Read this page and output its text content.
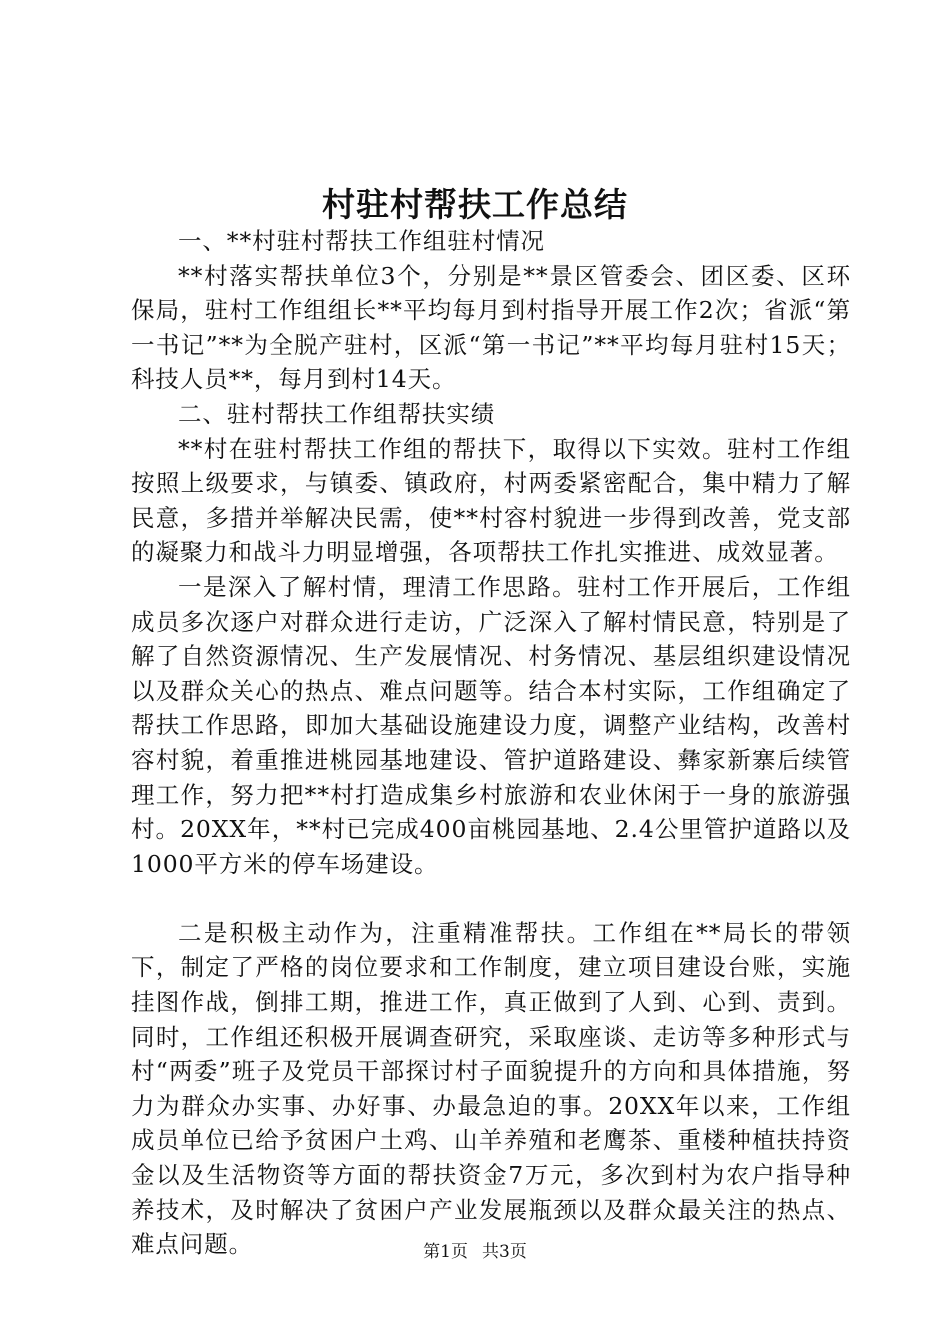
村驻村帮扶工作总结

一、**村驻村帮扶工作组驻村情况

**村落实帮扶单位3个，分别是**景区管委会、团区委、区环保局，驻村工作组组长**平均每月到村指导开展工作2次；省派“第一书记”**为全脱产驻村，区派“第一书记”**平均每月驻村15天；科技人员**，每月到村14天。

二、驻村帮扶工作组帮扶实绩

**村在驻村帮扶工作组的帮扶下，取得以下实效。驻村工作组按照上级要求，与镇委、镇政府，村两委紧密配合，集中精力了解民意，多措并举解决民需，使**村容村貌进一步得到改善，党支部的凝聚力和战斗力明显增强，各项帮扶工作扎实推进、成效显著。

一是深入了解村情，理清工作思路。驻村工作开展后，工作组成员多次逐户对群众进行走访，广泛深入了解村情民意，特别是了解了自然资源情况、生产发展情况、村务情况、基层组织建设情况以及群众关心的热点、难点问题等。结合本村实际，工作组确定了帮扶工作思路，即加大基础设施建设力度，调整产业结构，改善村容村貌，着重推进桃园基地建设、管护道路建设、彝家新寨后续管理工作，努力把**村打造成集乡村旅游和农业休闲于一身的旅游强村。20XX年，**村已完成400亩桃园基地、2.4公里管护道路以及1000平方米的停车场建设。

二是积极主动作为，注重精准帮扶。工作组在**局长的带领下，制定了严格的岗位要求和工作制度，建立项目建设台账，实施挂图作战，倒排工期，推进工作，真正做到了人到、心到、责到。同时，工作组还积极开展调查研究，采取座谈、走访等多种形式与村“两委”班子及党员干部探讨村子面貌提升的方向和具体措施，努力为群众办实事、办好事、办最急迫的事。20XX年以来，工作组成员单位已给予贫困户土鸡、山羊养殖和老鹰茶、重楼种植扶持资金以及生活物资等方面的帮扶资金7万元，多次到村为农户指导种养技术，及时解决了贫困户产业发展瓶颈以及群众最关注的热点、难点问题。	第1页 共3页
